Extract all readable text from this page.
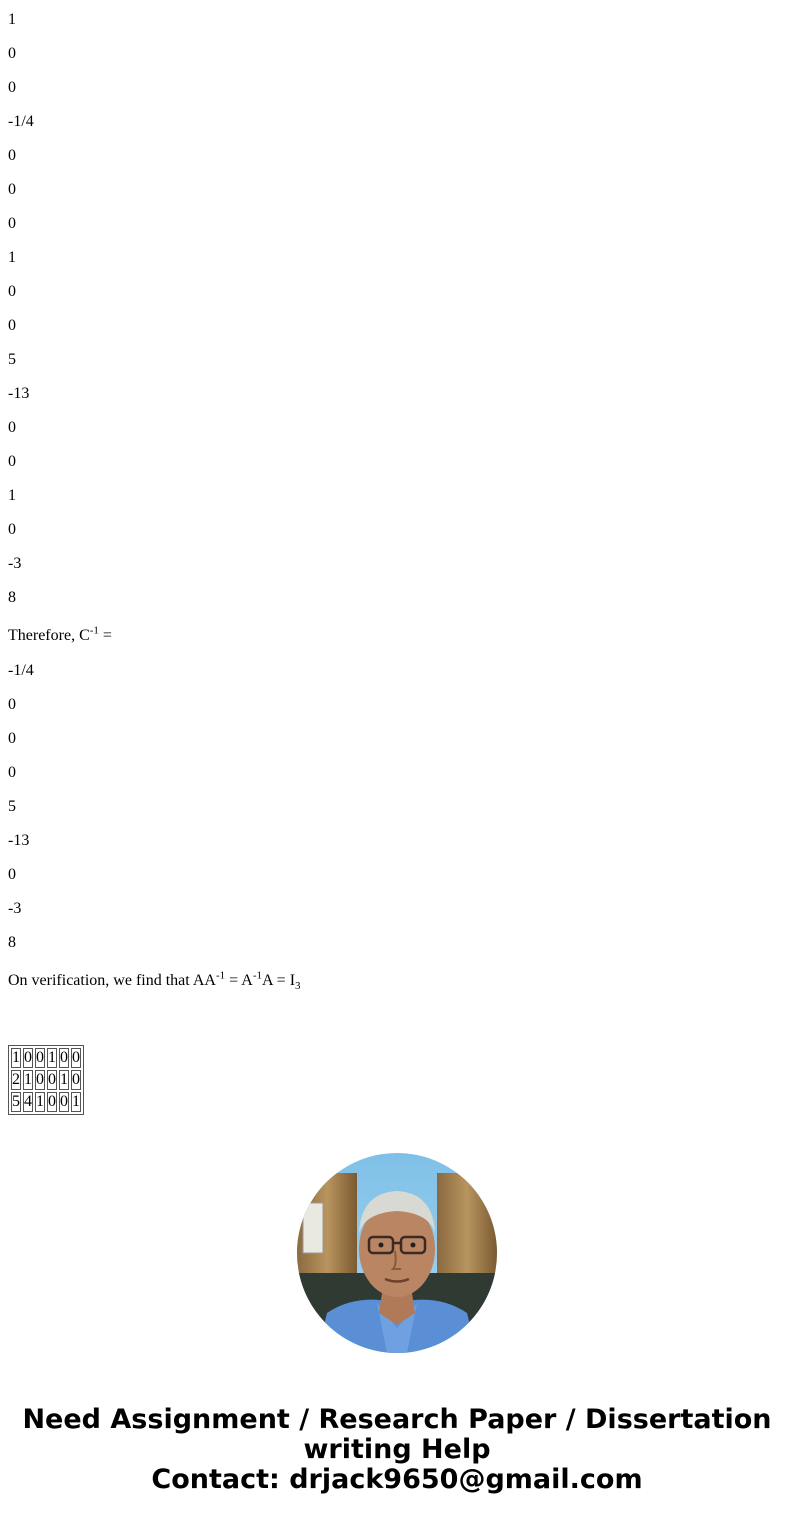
1

0

0

-1/4

0

0

0

1

0

0

5

-13

0

0

1

0

-3

8

Therefore, $C^{-1}$ =

-1/4

0

0

0

5

-13

0

-3

8

On verification, we find that $AA^{-1} = A^{-1}A = I_3$

1	0	0	1	0	0
2	1	0	0	1	0
5	4	1	0	0	1
Need Assignment / Research Paper / Dissertation
writing Help
Contact: drjack9650@gmail.com
